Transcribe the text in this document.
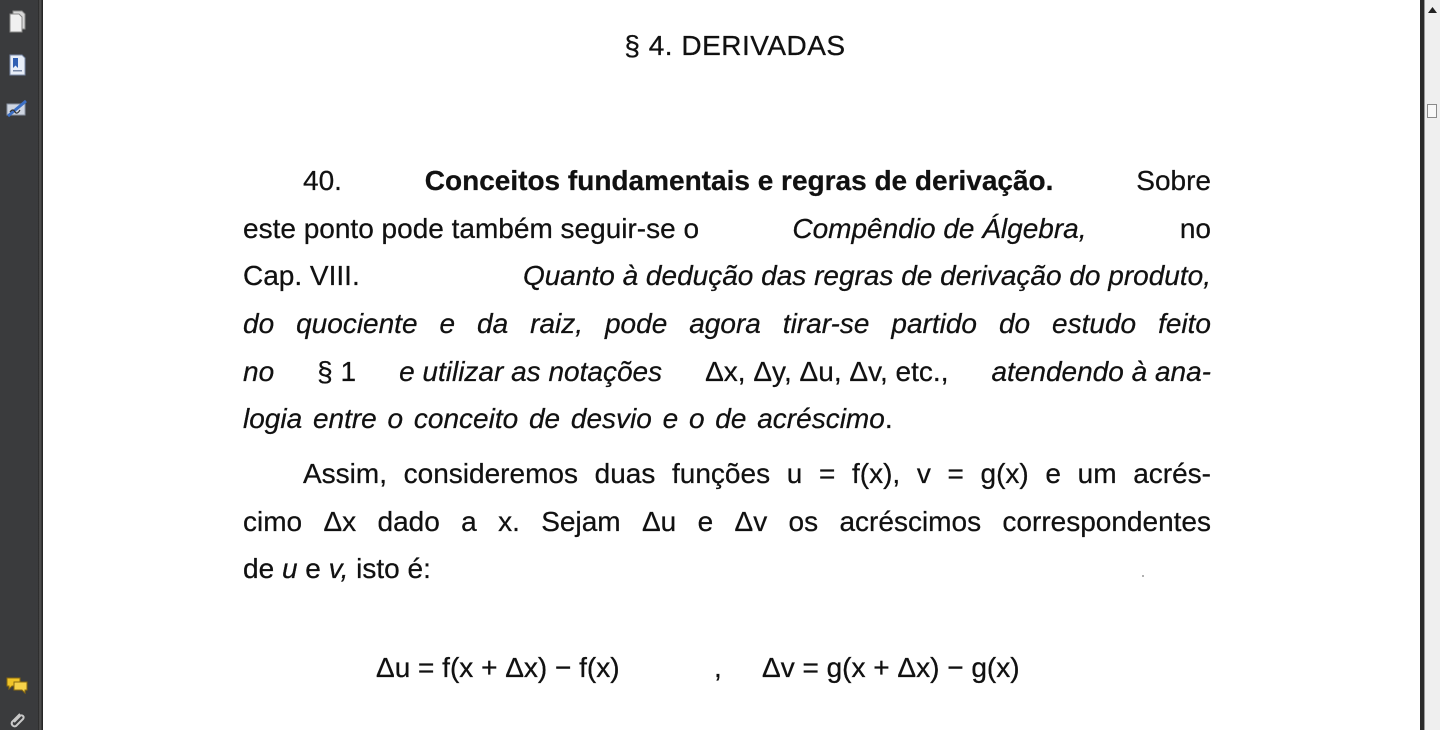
§ 4. DERIVADAS
40.	Conceitos fundamentais e regras de derivação.	Sobre
este ponto pode também seguir-se o	Compêndio de Álgebra,	no
Cap. VIII.	Quanto à dedução das regras de derivação do produto,
do quociente e da raiz, pode agora tirar-se partido do estudo feito
no § 1 e utilizar as notações Δx, Δy, Δu, Δv, etc., atendendo à ana-
logia entre o conceito de desvio e o de acréscimo .
Assim, consideremos duas funções u = f(x), v = g(x) e um acrés-
cimo Δx dado a x. Sejam Δu e Δv os acréscimos correspondentes
de
u
e
v,
isto é:
Δu = f(x + Δx) − f(x)	, Δv = g(x + Δx) − g(x)
